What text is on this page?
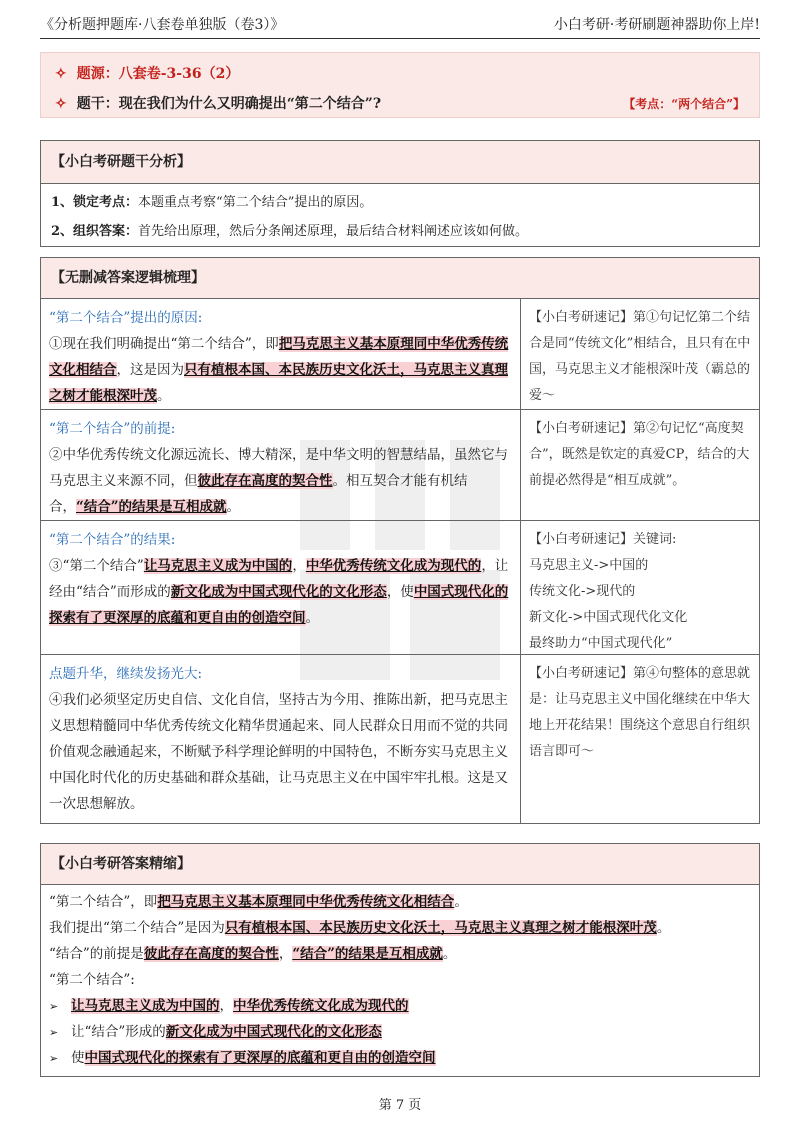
《分析题押题库·八套卷单独版（卷3）》	小白考研·考研刷题神器助你上岸!
✧ 题源：八套卷-3-36（2）
✧ 题干：现在我们为什么又明确提出“第二个结合”?	【考点：“两个结合”】
【小白考研题干分析】
1、锁定考点：本题重点考察“第二个结合”提出的原因。
2、组织答案：首先给出原理，然后分条阐述原理，最后结合材料阐述应该如何做。
【无删减答案逻辑梳理】
“第二个结合”提出的原因:
①现在我们明确提出“第二个结合”，即把马克思主义基本原理同中华优秀传统文化相结合，这是因为只有植根本国、本民族历史文化沃土，马克思主义真理之树才能根深叶茂。
【小白考研速记】第①句记忆第二个结合是同“传统文化”相结合，且只有在中国，马克思主义才能根深叶茂（霸总的爱～
“第二个结合”的前提:
②中华优秀传统文化源远流长、博大精深，是中华文明的智慧结晶，虽然它与马克思主义来源不同，但彼此存在高度的契合性。相互契合才能有机结合，“结合”的结果是互相成就。
【小白考研速记】第②句记忆“高度契合”，既然是钦定的真爱CP，结合的大前提必然得是“相互成就”。
“第二个结合”的结果:
③“第二个结合”让马克思主义成为中国的，中华优秀传统文化成为现代的，让经由“结合”而形成的新文化成为中国式现代化的文化形态，使中国式现代化的探索有了更深厚的底蕴和更自由的创造空间。
【小白考研速记】关键词:
马克思主义->中国的
传统文化->现代的
新文化->中国式现代化文化
最终助力“中国式现代化”
点题升华，继续发扬光大:
④我们必须坚定历史自信、文化自信，坚持古为今用、推陈出新，把马克思主义思想精髓同中华优秀传统文化精华贯通起来、同人民群众日用而不觉的共同价值观念融通起来，不断赋予科学理论鲜明的中国特色，不断夯实马克思主义中国化时代化的历史基础和群众基础，让马克思主义在中国牢牢扎根。这是又一次思想解放。
【小白考研速记】第④句整体的意思就是：让马克思主义中国化继续在中华大地上开花结果！围绕这个意思自行组织语言即可～
【小白考研答案精缩】
“第二个结合”，即把马克思主义基本原理同中华优秀传统文化相结合。
我们提出“第二个结合”是因为只有植根本国、本民族历史文化沃土，马克思主义真理之树才能根深叶茂。
“结合”的前提是彼此存在高度的契合性，“结合”的结果是互相成就。
“第二个结合”:
➢ 让马克思主义成为中国的，中华优秀传统文化成为现代的
➢ 让“结合”形成的新文化成为中国式现代化的文化形态
➢ 使中国式现代化的探索有了更深厚的底蕴和更自由的创造空间
第 7 页
